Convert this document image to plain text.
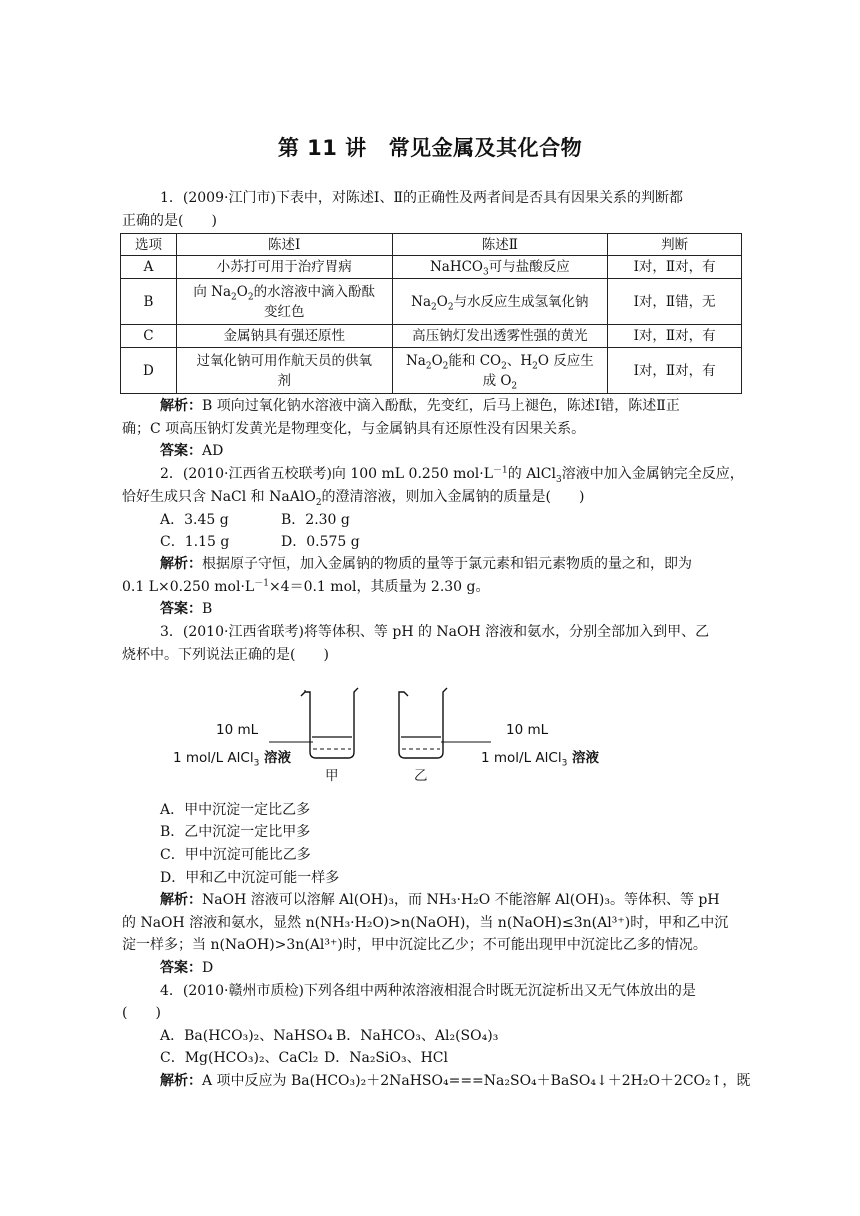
第 11 讲 常见金属及其化合物
1．(2009·江门市)下表中，对陈述Ⅰ、Ⅱ的正确性及两者间是否具有因果关系的判断都
正确的是(　　)
选项	陈述Ⅰ	陈述Ⅱ	判断
A	小苏打可用于治疗胃病	NaHCO$_3$可与盐酸反应	Ⅰ对，Ⅱ对，有
B	向 $Na_2O_2$的水溶液中滴入酚酞
变红色	$Na_2O_2$与水反应生成氢氧化钠	Ⅰ对，Ⅱ错，无
C	金属钠具有强还原性	高压钠灯发出透雾性强的黄光	Ⅰ对，Ⅱ对，有
D	过氧化钠可用作航天员的供氧
剂	$Na_2O_2$能和 $CO_2$、$H_2O$ 反应生
成 $O_2$	Ⅰ对，Ⅱ对，有
解析：B 项向过氧化钠水溶液中滴入酚酞，先变红，后马上褪色，陈述Ⅰ错，陈述Ⅱ正
确；C 项高压钠灯发黄光是物理变化，与金属钠具有还原性没有因果关系。
答案：AD
2．(2010·江西省五校联考)向 100 mL 0.250 $mol\cdot L^{-1}$的 AlCl$_3$溶液中加入金属钠完全反应，
恰好生成只含 NaCl 和 NaAlO$_2$的澄清溶液，则加入金属钠的质量是(　　)
A．3.45 g	B．2.30 g
C．1.15 g	D．0.575 g
解析：根据原子守恒，加入金属钠的物质的量等于氯元素和铝元素物质的量之和，即为
0.1 L×0.250 $mol\cdot L^{-1}\times 4=0.1$ mol，其质量为 2.30 g。
答案：B
3．(2010·江西省联考)将等体积、等 pH 的 NaOH 溶液和氨水，分别全部加入到甲、乙
烧杯中。下列说法正确的是(　　)
10 mL
1 mol/L AlCl$_3$ 溶液
甲
10 mL
1 mol/L AlCl$_3$ 溶液
乙
A．甲中沉淀一定比乙多
B．乙中沉淀一定比甲多
C．甲中沉淀可能比乙多
D．甲和乙中沉淀可能一样多
解析：NaOH 溶液可以溶解 Al(OH)₃，而 NH₃·H₂O 不能溶解 Al(OH)₃。等体积、等 pH
的 NaOH 溶液和氨水，显然 n(NH₃·H₂O)>n(NaOH)，当 n(NaOH)≤3n(Al³⁺)时，甲和乙中沉
淀一样多；当 n(NaOH)>3n(Al³⁺)时，甲中沉淀比乙少；不可能出现甲中沉淀比乙多的情况。
答案：D
4．(2010·赣州市质检)下列各组中两种浓溶液相混合时既无沉淀析出又无气体放出的是
(　　)
A．Ba(HCO₃)₂、NaHSO₄ B．NaHCO₃、Al₂(SO₄)₃
C．Mg(HCO₃)₂、CaCl₂ D．Na₂SiO₃、HCl
解析：A 项中反应为 Ba(HCO₃)₂＋2NaHSO₄===Na₂SO₄＋BaSO₄↓＋2H₂O＋2CO₂↑，既
